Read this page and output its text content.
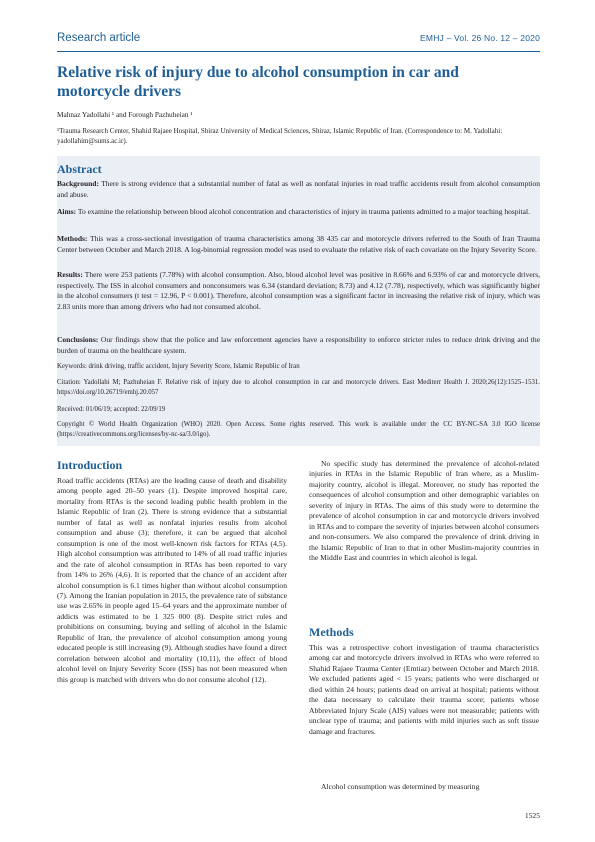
Research article	EMHJ – Vol. 26 No. 12 – 2020
Relative risk of injury due to alcohol consumption in car and motorcycle drivers
Mahnaz Yadollahi ¹ and Forough Pazhuheian ¹
¹Trauma Research Center, Shahid Rajaee Hospital, Shiraz University of Medical Sciences, Shiraz, Islamic Republic of Iran. (Correspondence to: M. Yadollahi: yadollahim@sums.ac.ir).
Abstract
Background: There is strong evidence that a substantial number of fatal as well as nonfatal injuries in road traffic accidents result from alcohol consumption and abuse.
Aims: To examine the relationship between blood alcohol concentration and characteristics of injury in trauma patients admitted to a major teaching hospital.
Methods: This was a cross-sectional investigation of trauma characteristics among 38 435 car and motorcycle drivers referred to the South of Iran Trauma Center between October and March 2018. A log-binomial regression model was used to evaluate the relative risk of each covariate on the Injury Severity Score.
Results: There were 253 patients (7.78%) with alcohol consumption. Also, blood alcohol level was positive in 8.66% and 6.93% of car and motorcycle drivers, respectively. The ISS in alcohol consumers and nonconsumers was 6.34 (standard deviation; 8.73) and 4.12 (7.78), respectively, which was significantly higher in the alcohol consumers (t test = 12.96, P < 0.001). Therefore, alcohol consumption was a significant factor in increasing the relative risk of injury, which was 2.83 units more than among drivers who had not consumed alcohol.
Conclusions: Our findings show that the police and law enforcement agencies have a responsibility to enforce stricter rules to reduce drink driving and the burden of trauma on the healthcare system.
Keywords: drink driving, traffic accident, Injury Severity Score, Islamic Republic of Iran
Citation: Yadollahi M; Pazhuheian F. Relative risk of injury due to alcohol consumption in car and motorcycle drivers. East Mediterr Health J. 2020;26(12):1525–1531. https://doi.org/10.26719/emhj.20.057
Received: 01/06/19; accepted: 22/09/19
Copyright © World Health Organization (WHO) 2020. Open Access. Some rights reserved. This work is available under the CC BY-NC-SA 3.0 IGO license (https://creativecommons.org/licenses/by-nc-sa/3.0/igo).
Introduction
Road traffic accidents (RTAs) are the leading cause of death and disability among people aged 20–50 years (1). Despite improved hospital care, mortality from RTAs is the second leading public health problem in the Islamic Republic of Iran (2). There is strong evidence that a substantial number of fatal as well as nonfatal injuries results from alcohol consumption and abuse (3); therefore, it can be argued that alcohol consumption is one of the most well-known risk factors for RTAs (4,5). High alcohol consumption was attributed to 14% of all road traffic injuries and the rate of alcohol consumption in RTAs has been reported to vary from 14% to 26% (4,6). It is reported that the chance of an accident after alcohol consumption is 6.1 times higher than without alcohol consumption (7). Among the Iranian population in 2015, the prevalence rate of substance use was 2.65% in people aged 15–64 years and the approximate number of addicts was estimated to be 1 325 000 (8). Despite strict rules and prohibitions on consuming, buying and selling of alcohol in the Islamic Republic of Iran, the prevalence of alcohol consumption among young educated people is still increasing (9). Although studies have found a direct correlation between alcohol and mortality (10,11), the effect of blood alcohol level on Injury Severity Score (ISS) has not been measured when this group is matched with drivers who do not consume alcohol (12).
No specific study has determined the prevalence of alcohol-related injuries in RTAs in the Islamic Republic of Iran where, as a Muslim-majority country, alcohol is illegal. Moreover, no study has reported the consequences of alcohol consumption and other demographic variables on severity of injury in RTAs. The aims of this study were to determine the prevalence of alcohol consumption in car and motorcycle drivers involved in RTAs and to compare the severity of injuries between alcohol consumers and non-consumers. We also compared the prevalence of drink driving in the Islamic Republic of Iran to that in other Muslim-majority countries in the Middle East and countries in which alcohol is legal.
Methods
This was a retrospective cohort investigation of trauma characteristics among car and motorcycle drivers involved in RTAs who were referred to Shahid Rajaee Trauma Center (Emtiaz) between October and March 2018. We excluded patients aged < 15 years; patients who were discharged or died within 24 hours; patients dead on arrival at hospital; patients without the data necessary to calculate their trauma score; patients whose Abbreviated Injury Scale (AIS) values were not measurable; patients with unclear type of trauma; and patients with mild injuries such as soft tissue damage and fractures.
Alcohol consumption was determined by measuring
1525
